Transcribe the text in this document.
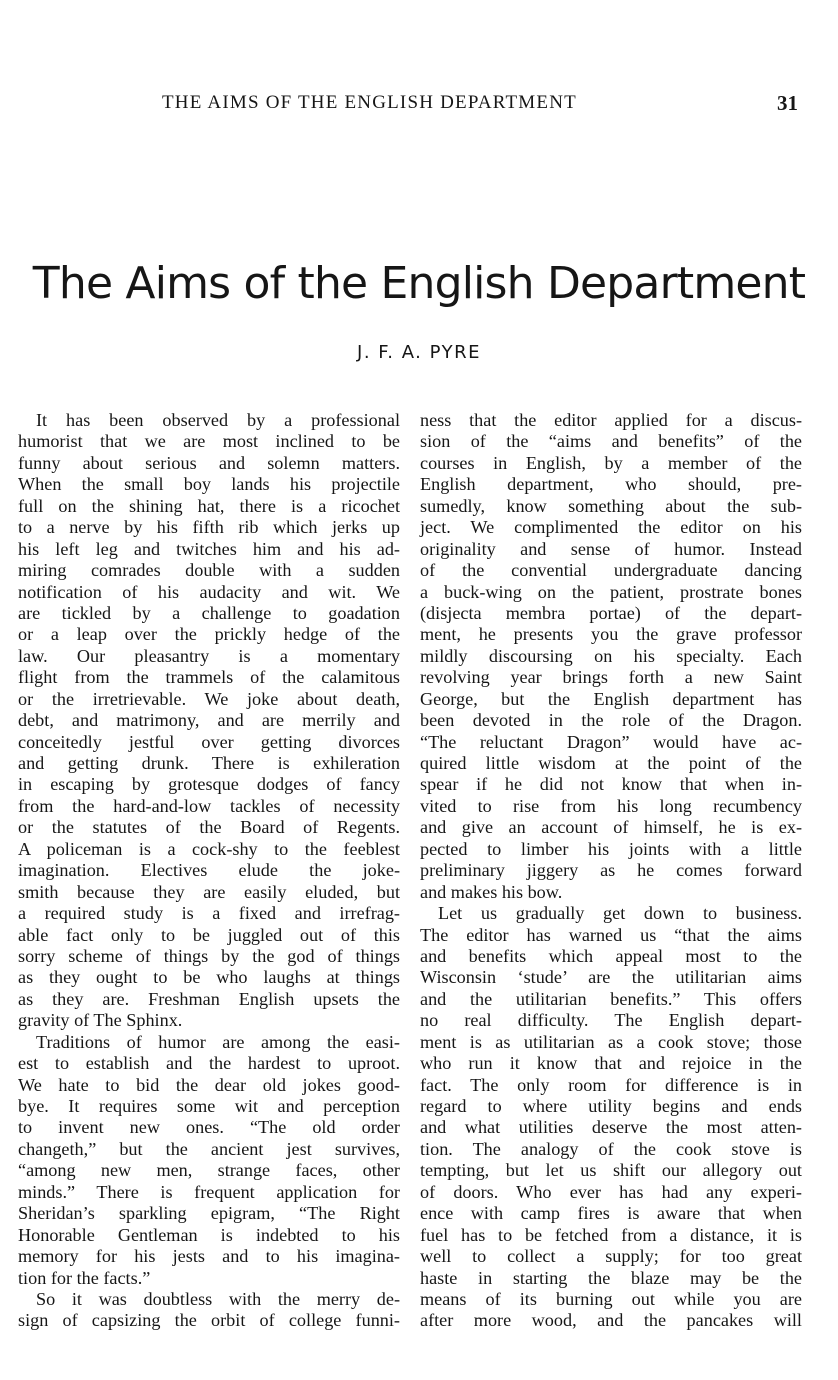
THE AIMS OF THE ENGLISH DEPARTMENT	31
The Aims of the English Department
J. F. A. PYRE
It has been observed by a professional
humorist that we are most inclined to be
funny about serious and solemn matters.
When the small boy lands his projectile
full on the shining hat, there is a ricochet
to a nerve by his fifth rib which jerks up
his left leg and twitches him and his ad-
miring comrades double with a sudden
notification of his audacity and wit. We
are tickled by a challenge to goadation
or a leap over the prickly hedge of the
law. Our pleasantry is a momentary
flight from the trammels of the calamitous
or the irretrievable. We joke about death,
debt, and matrimony, and are merrily and
conceitedly jestful over getting divorces
and getting drunk. There is exhileration
in escaping by grotesque dodges of fancy
from the hard-and-low tackles of necessity
or the statutes of the Board of Regents.
A policeman is a cock-shy to the feeblest
imagination. Electives elude the joke-
smith because they are easily eluded, but
a required study is a fixed and irrefrag-
able fact only to be juggled out of this
sorry scheme of things by the god of things
as they ought to be who laughs at things
as they are. Freshman English upsets the
gravity of The Sphinx.
Traditions of humor are among the easi-
est to establish and the hardest to uproot.
We hate to bid the dear old jokes good-
bye. It requires some wit and perception
to invent new ones. “The old order
changeth,” but the ancient jest survives,
“among new men, strange faces, other
minds.” There is frequent application for
Sheridan’s sparkling epigram, “The Right
Honorable Gentleman is indebted to his
memory for his jests and to his imagina-
tion for the facts.”
So it was doubtless with the merry de-
sign of capsizing the orbit of college funni-
ness that the editor applied for a discus-
sion of the “aims and benefits” of the
courses in English, by a member of the
English department, who should, pre-
sumedly, know something about the sub-
ject. We complimented the editor on his
originality and sense of humor. Instead
of the convential undergraduate dancing
a buck-wing on the patient, prostrate bones
(disjecta membra portae) of the depart-
ment, he presents you the grave professor
mildly discoursing on his specialty. Each
revolving year brings forth a new Saint
George, but the English department has
been devoted in the role of the Dragon.
“The reluctant Dragon” would have ac-
quired little wisdom at the point of the
spear if he did not know that when in-
vited to rise from his long recumbency
and give an account of himself, he is ex-
pected to limber his joints with a little
preliminary jiggery as he comes forward
and makes his bow.
Let us gradually get down to business.
The editor has warned us “that the aims
and benefits which appeal most to the
Wisconsin ‘stude’ are the utilitarian aims
and the utilitarian benefits.” This offers
no real difficulty. The English depart-
ment is as utilitarian as a cook stove; those
who run it know that and rejoice in the
fact. The only room for difference is in
regard to where utility begins and ends
and what utilities deserve the most atten-
tion. The analogy of the cook stove is
tempting, but let us shift our allegory out
of doors. Who ever has had any experi-
ence with camp fires is aware that when
fuel has to be fetched from a distance, it is
well to collect a supply; for too great
haste in starting the blaze may be the
means of its burning out while you are
after more wood, and the pancakes will
